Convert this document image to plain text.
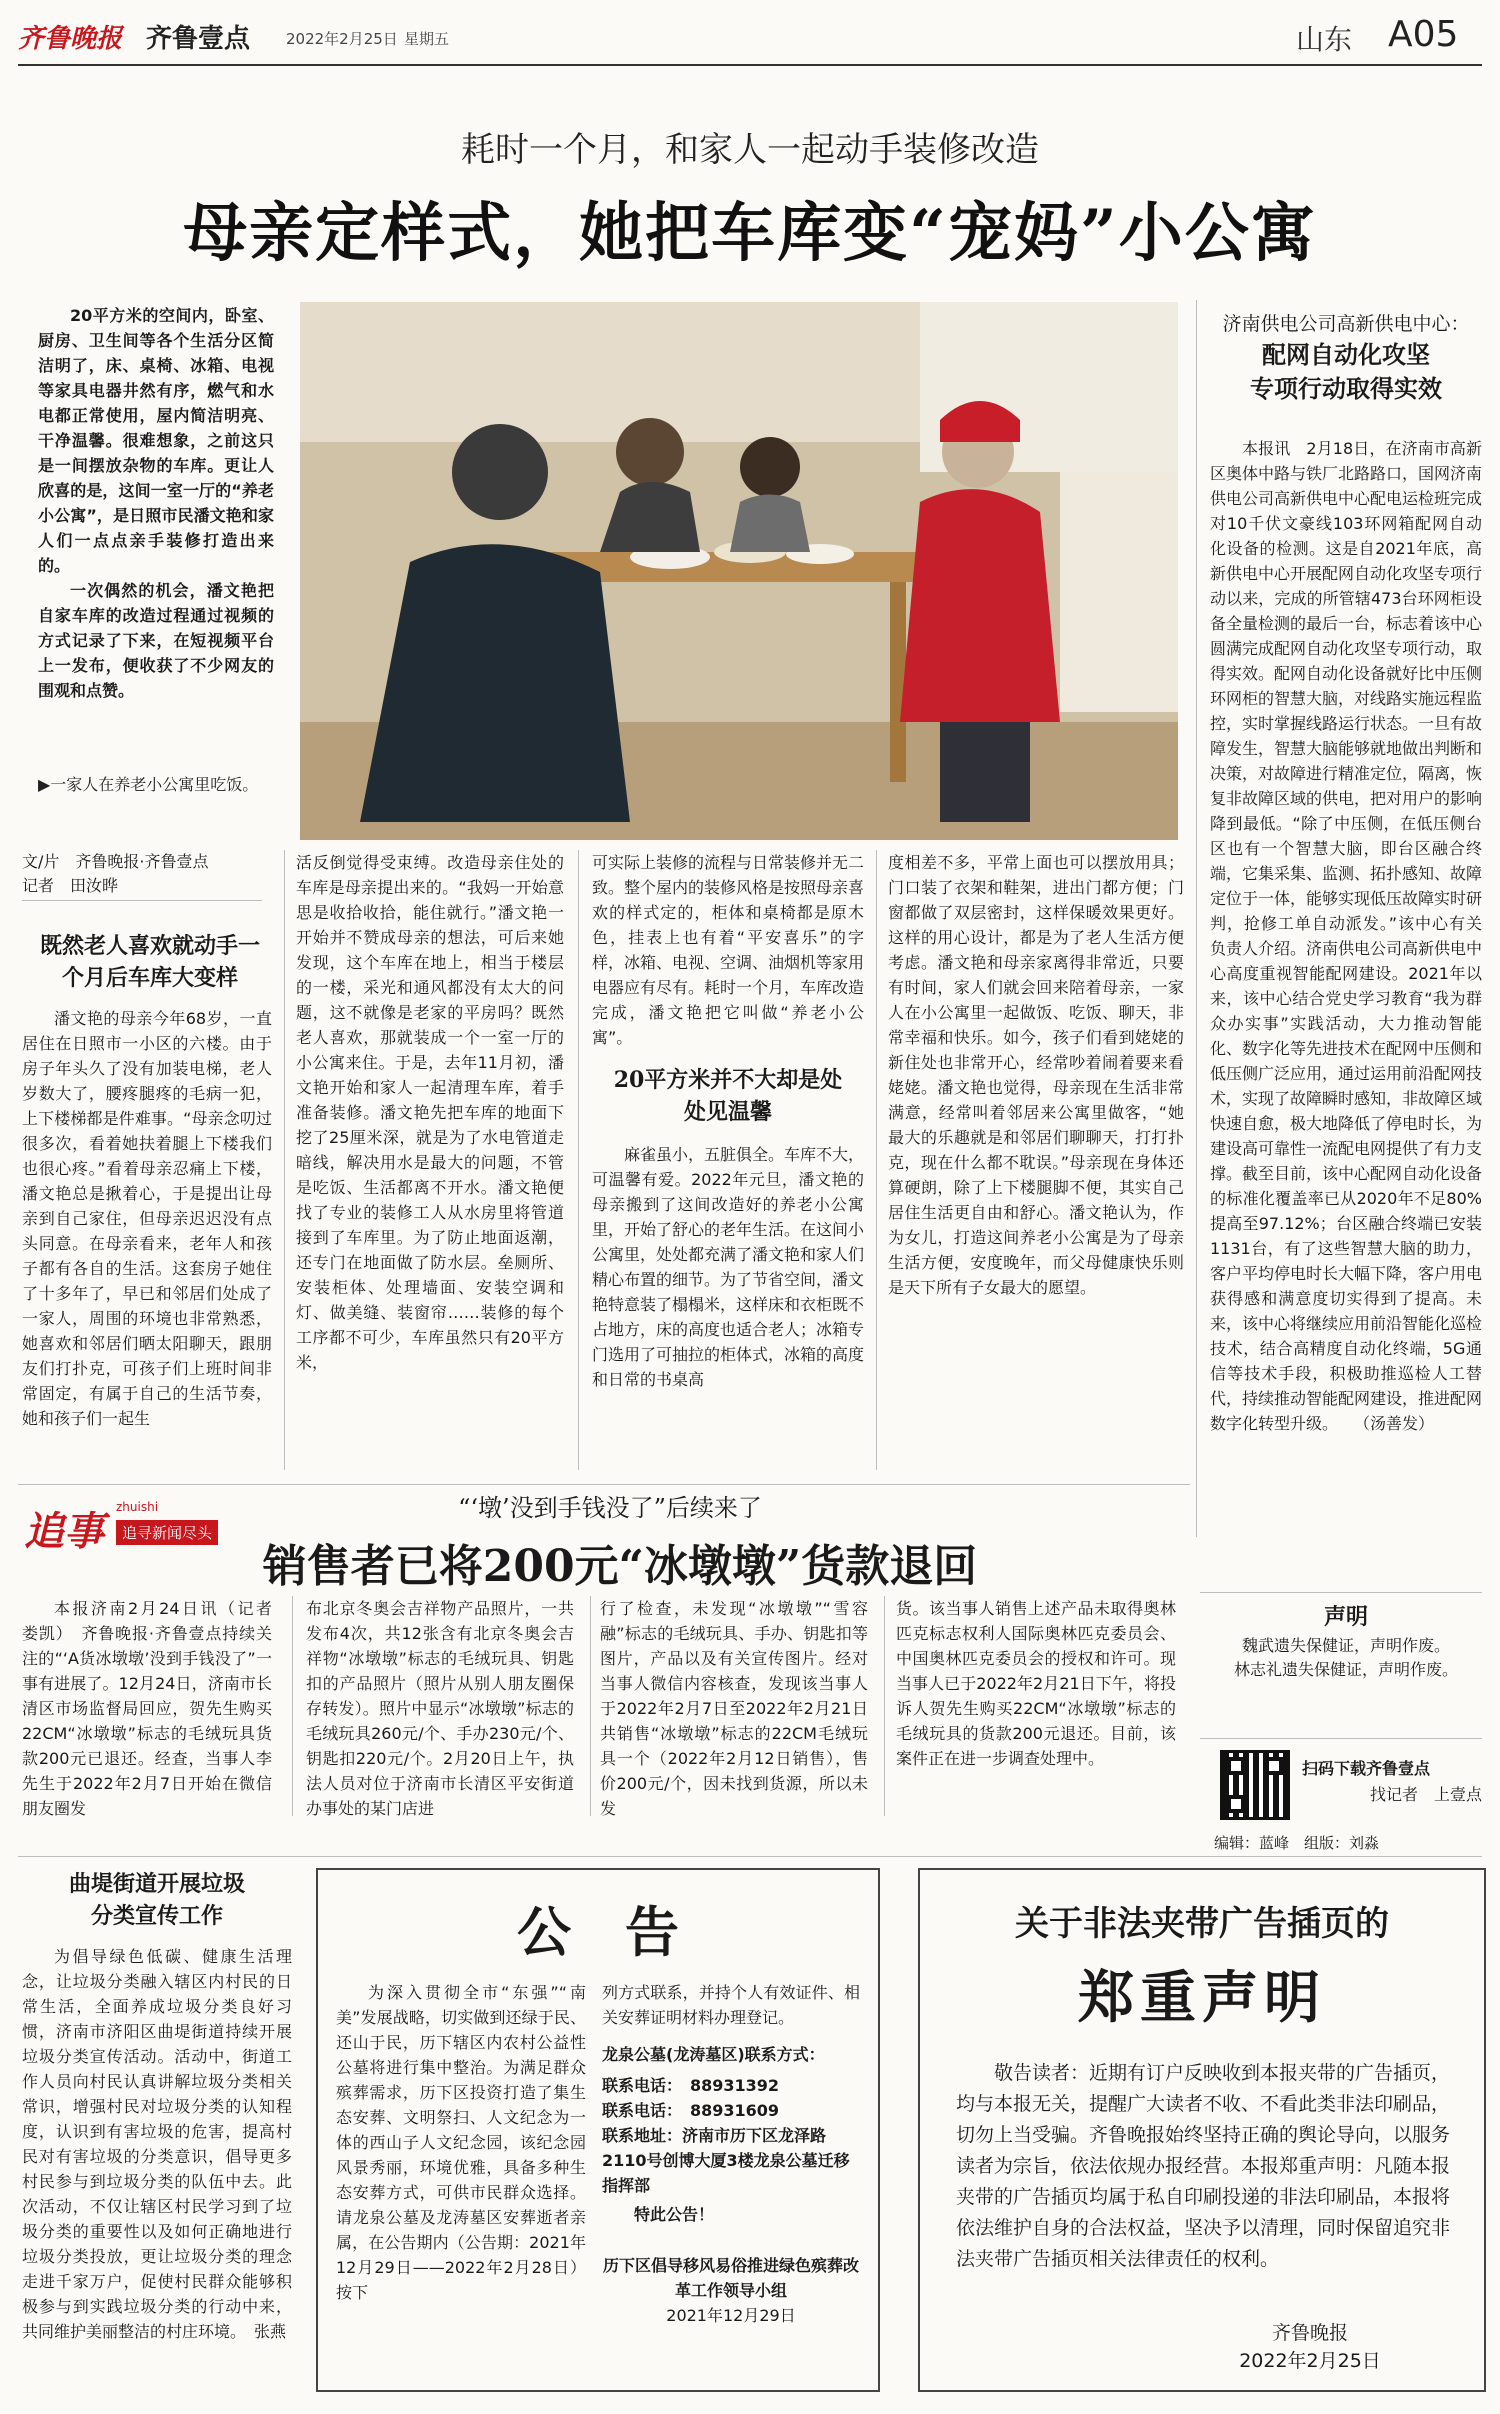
齐鲁晚报 齐鲁壹点 2022年2月25日 星期五	山东 A05
耗时一个月，和家人一起动手装修改造
母亲定样式，她把车库变“宠妈”小公寓

20平方米的空间内，卧室、厨房、卫生间等各个生活分区简洁明了，床、桌椅、冰箱、电视等家具电器井然有序，燃气和水电都正常使用，屋内简洁明亮、干净温馨。很难想象，之前这只是一间摆放杂物的车库。更让人欣喜的是，这间一室一厅的“养老小公寓”，是日照市民潘文艳和家人们一点点亲手装修打造出来的。

一次偶然的机会，潘文艳把自家车库的改造过程通过视频的方式记录了下来，在短视频平台上一发布，便收获了不少网友的围观和点赞。

▶一家人在养老小公寓里吃饭。
文/片　齐鲁晚报·齐鲁壹点
记者　田汝晔
既然老人喜欢就动手一个月后车库大变样

潘文艳的母亲今年68岁，一直居住在日照市一小区的六楼。由于房子年头久了没有加装电梯，老人岁数大了，腰疼腿疼的毛病一犯，上下楼梯都是件难事。“母亲念叨过很多次，看着她扶着腿上下楼我们也很心疼。”看着母亲忍痛上下楼，潘文艳总是揪着心，于是提出让母亲到自己家住，但母亲迟迟没有点头同意。在母亲看来，老年人和孩子都有各自的生活。这套房子她住了十多年了，早已和邻居们处成了一家人，周围的环境也非常熟悉，她喜欢和邻居们晒太阳聊天，跟朋友们打扑克，可孩子们上班时间非常固定，有属于自己的生活节奏，她和孩子们一起生

活反倒觉得受束缚。改造母亲住处的车库是母亲提出来的。“我妈一开始意思是收拾收拾，能住就行。”潘文艳一开始并不赞成母亲的想法，可后来她发现，这个车库在地上，相当于楼层的一楼，采光和通风都没有太大的问题，这不就像是老家的平房吗？既然老人喜欢，那就装成一个一室一厅的小公寓来住。于是，去年11月初，潘文艳开始和家人一起清理车库，着手准备装修。潘文艳先把车库的地面下挖了25厘米深，就是为了水电管道走暗线，解决用水是最大的问题，不管是吃饭、生活都离不开水。潘文艳便找了专业的装修工人从水房里将管道接到了车库里。为了防止地面返潮，还专门在地面做了防水层。垒厕所、安装柜体、处理墙面、安装空调和灯、做美缝、装窗帘……装修的每个工序都不可少，车库虽然只有20平方米，

可实际上装修的流程与日常装修并无二致。整个屋内的装修风格是按照母亲喜欢的样式定的，柜体和桌椅都是原木色，挂表上也有着“平安喜乐”的字样，冰箱、电视、空调、油烟机等家用电器应有尽有。耗时一个月，车库改造完成，潘文艳把它叫做“养老小公寓”。

20平方米并不大却是处处见温馨

麻雀虽小，五脏俱全。车库不大，可温馨有爱。2022年元旦，潘文艳的母亲搬到了这间改造好的养老小公寓里，开始了舒心的老年生活。在这间小公寓里，处处都充满了潘文艳和家人们精心布置的细节。为了节省空间，潘文艳特意装了榻榻米，这样床和衣柜既不占地方，床的高度也适合老人；冰箱专门选用了可抽拉的柜体式，冰箱的高度和日常的书桌高

度相差不多，平常上面也可以摆放用具；门口装了衣架和鞋架，进出门都方便；门窗都做了双层密封，这样保暖效果更好。这样的用心设计，都是为了老人生活方便考虑。潘文艳和母亲家离得非常近，只要有时间，家人们就会回来陪着母亲，一家人在小公寓里一起做饭、吃饭、聊天，非常幸福和快乐。如今，孩子们看到姥姥的新住处也非常开心，经常吵着闹着要来看姥姥。潘文艳也觉得，母亲现在生活非常满意，经常叫着邻居来公寓里做客，“她最大的乐趣就是和邻居们聊聊天，打打扑克，现在什么都不耽误。”母亲现在身体还算硬朗，除了上下楼腿脚不便，其实自己居住生活更自由和舒心。潘文艳认为，作为女儿，打造这间养老小公寓是为了母亲生活方便，安度晚年，而父母健康快乐则是天下所有子女最大的愿望。

济南供电公司高新供电中心：
配网自动化攻坚
专项行动取得实效

本报讯　2月18日，在济南市高新区奥体中路与铁厂北路路口，国网济南供电公司高新供电中心配电运检班完成对10千伏文豪线103环网箱配网自动化设备的检测。这是自2021年底，高新供电中心开展配网自动化攻坚专项行动以来，完成的所管辖473台环网柜设备全量检测的最后一台，标志着该中心圆满完成配网自动化攻坚专项行动，取得实效。配网自动化设备就好比中压侧环网柜的智慧大脑，对线路实施远程监控，实时掌握线路运行状态。一旦有故障发生，智慧大脑能够就地做出判断和决策，对故障进行精准定位，隔离，恢复非故障区域的供电，把对用户的影响降到最低。“除了中压侧，在低压侧台区也有一个智慧大脑，即台区融合终端，它集采集、监测、拓扑感知、故障定位于一体，能够实现低压故障实时研判，抢修工单自动派发。”该中心有关负责人介绍。济南供电公司高新供电中心高度重视智能配网建设。2021年以来，该中心结合党史学习教育“我为群众办实事”实践活动，大力推动智能化、数字化等先进技术在配网中压侧和低压侧广泛应用，通过运用前沿配网技术，实现了故障瞬时感知，非故障区域快速自愈，极大地降低了停电时长，为建设高可靠性一流配电网提供了有力支撑。截至目前，该中心配网自动化设备的标准化覆盖率已从2020年不足80%提高至97.12%；台区融合终端已安装1131台，有了这些智慧大脑的助力，客户平均停电时长大幅下降，客户用电获得感和满意度切实得到了提高。未来，该中心将继续应用前沿智能化巡检技术，结合高精度自动化终端，5G通信等技术手段，积极助推巡检人工替代，持续推动智能配网建设，推进配网数字化转型升级。　　（汤善发）

追事
zhuishi
追寻新闻尽头
“‘墩’没到手钱没了”后续来了
销售者已将200元“冰墩墩”货款退回

本报济南2月24日讯（记者　娄凯）　齐鲁晚报·齐鲁壹点持续关注的“‘A货冰墩墩’没到手钱没了”一事有进展了。12月24日，济南市长清区市场监督局回应，贺先生购买22CM“冰墩墩”标志的毛绒玩具货款200元已退还。经查，当事人李先生于2022年2月7日开始在微信朋友圈发

布北京冬奥会吉祥物产品照片，一共发布4次，共12张含有北京冬奥会吉祥物“冰墩墩”标志的毛绒玩具、钥匙扣的产品照片（照片从别人朋友圈保存转发）。照片中显示“冰墩墩”标志的毛绒玩具260元/个、手办230元/个、钥匙扣220元/个。2月20日上午，执法人员对位于济南市长清区平安街道办事处的某门店进

行了检查，未发现“冰墩墩”“雪容融”标志的毛绒玩具、手办、钥匙扣等图片，产品以及有关宣传图片。经对当事人微信内容核查，发现该当事人于2022年2月7日至2022年2月21日共销售“冰墩墩”标志的22CM毛绒玩具一个（2022年2月12日销售），售价200元/个，因未找到货源，所以未发

货。该当事人销售上述产品未取得奥林匹克标志权利人国际奥林匹克委员会、中国奥林匹克委员会的授权和许可。现当事人已于2022年2月21日下午，将投诉人贺先生购买22CM“冰墩墩”标志的毛绒玩具的货款200元退还。目前，该案件正在进一步调查处理中。

声明
魏武遗失保健证，声明作废。
林志礼遗失保健证，声明作废。
扫码下载齐鲁壹点
找记者　上壹点
编辑：蓝峰　组版：刘淼
曲堤街道开展垃圾
分类宣传工作

为倡导绿色低碳、健康生活理念，让垃圾分类融入辖区内村民的日常生活，全面养成垃圾分类良好习惯，济南市济阳区曲堤街道持续开展垃圾分类宣传活动。活动中，街道工作人员向村民认真讲解垃圾分类相关常识，增强村民对垃圾分类的认知程度，认识到有害垃圾的危害，提高村民对有害垃圾的分类意识，倡导更多村民参与到垃圾分类的队伍中去。此次活动，不仅让辖区村民学习到了垃圾分类的重要性以及如何正确地进行垃圾分类投放，更让垃圾分类的理念走进千家万户，促使村民群众能够积极参与到实践垃圾分类的行动中来，共同维护美丽整洁的村庄环境。　张燕

公　告

为深入贯彻全市“东强”“南美”发展战略，切实做到还绿于民、还山于民，历下辖区内农村公益性公墓将进行集中整治。为满足群众殡葬需求，历下区投资打造了集生态安葬、文明祭扫、人文纪念为一体的西山子人文纪念园，该纪念园风景秀丽，环境优雅，具备多种生态安葬方式，可供市民群众选择。请龙泉公墓及龙涛墓区安葬逝者亲属，在公告期内（公告期：2021年12月29日——2022年2月28日）按下

列方式联系，并持个人有效证件、相关安葬证明材料办理登记。
龙泉公墓(龙涛墓区)联系方式：
联系电话：　88931392
联系电话：　88931609
联系地址：济南市历下区龙泽路2110号创博大厦3楼龙泉公墓迁移指挥部
特此公告！
历下区倡导移风易俗推进绿色殡葬改革工作领导小组
2021年12月29日
关于非法夹带广告插页的
郑重声明

敬告读者：近期有订户反映收到本报夹带的广告插页，均与本报无关，提醒广大读者不收、不看此类非法印刷品，切勿上当受骗。齐鲁晚报始终坚持正确的舆论导向，以服务读者为宗旨，依法依规办报经营。本报郑重声明：凡随本报夹带的广告插页均属于私自印刷投递的非法印刷品，本报将依法维护自身的合法权益，坚决予以清理，同时保留追究非法夹带广告插页相关法律责任的权利。

齐鲁晚报
2022年2月25日
